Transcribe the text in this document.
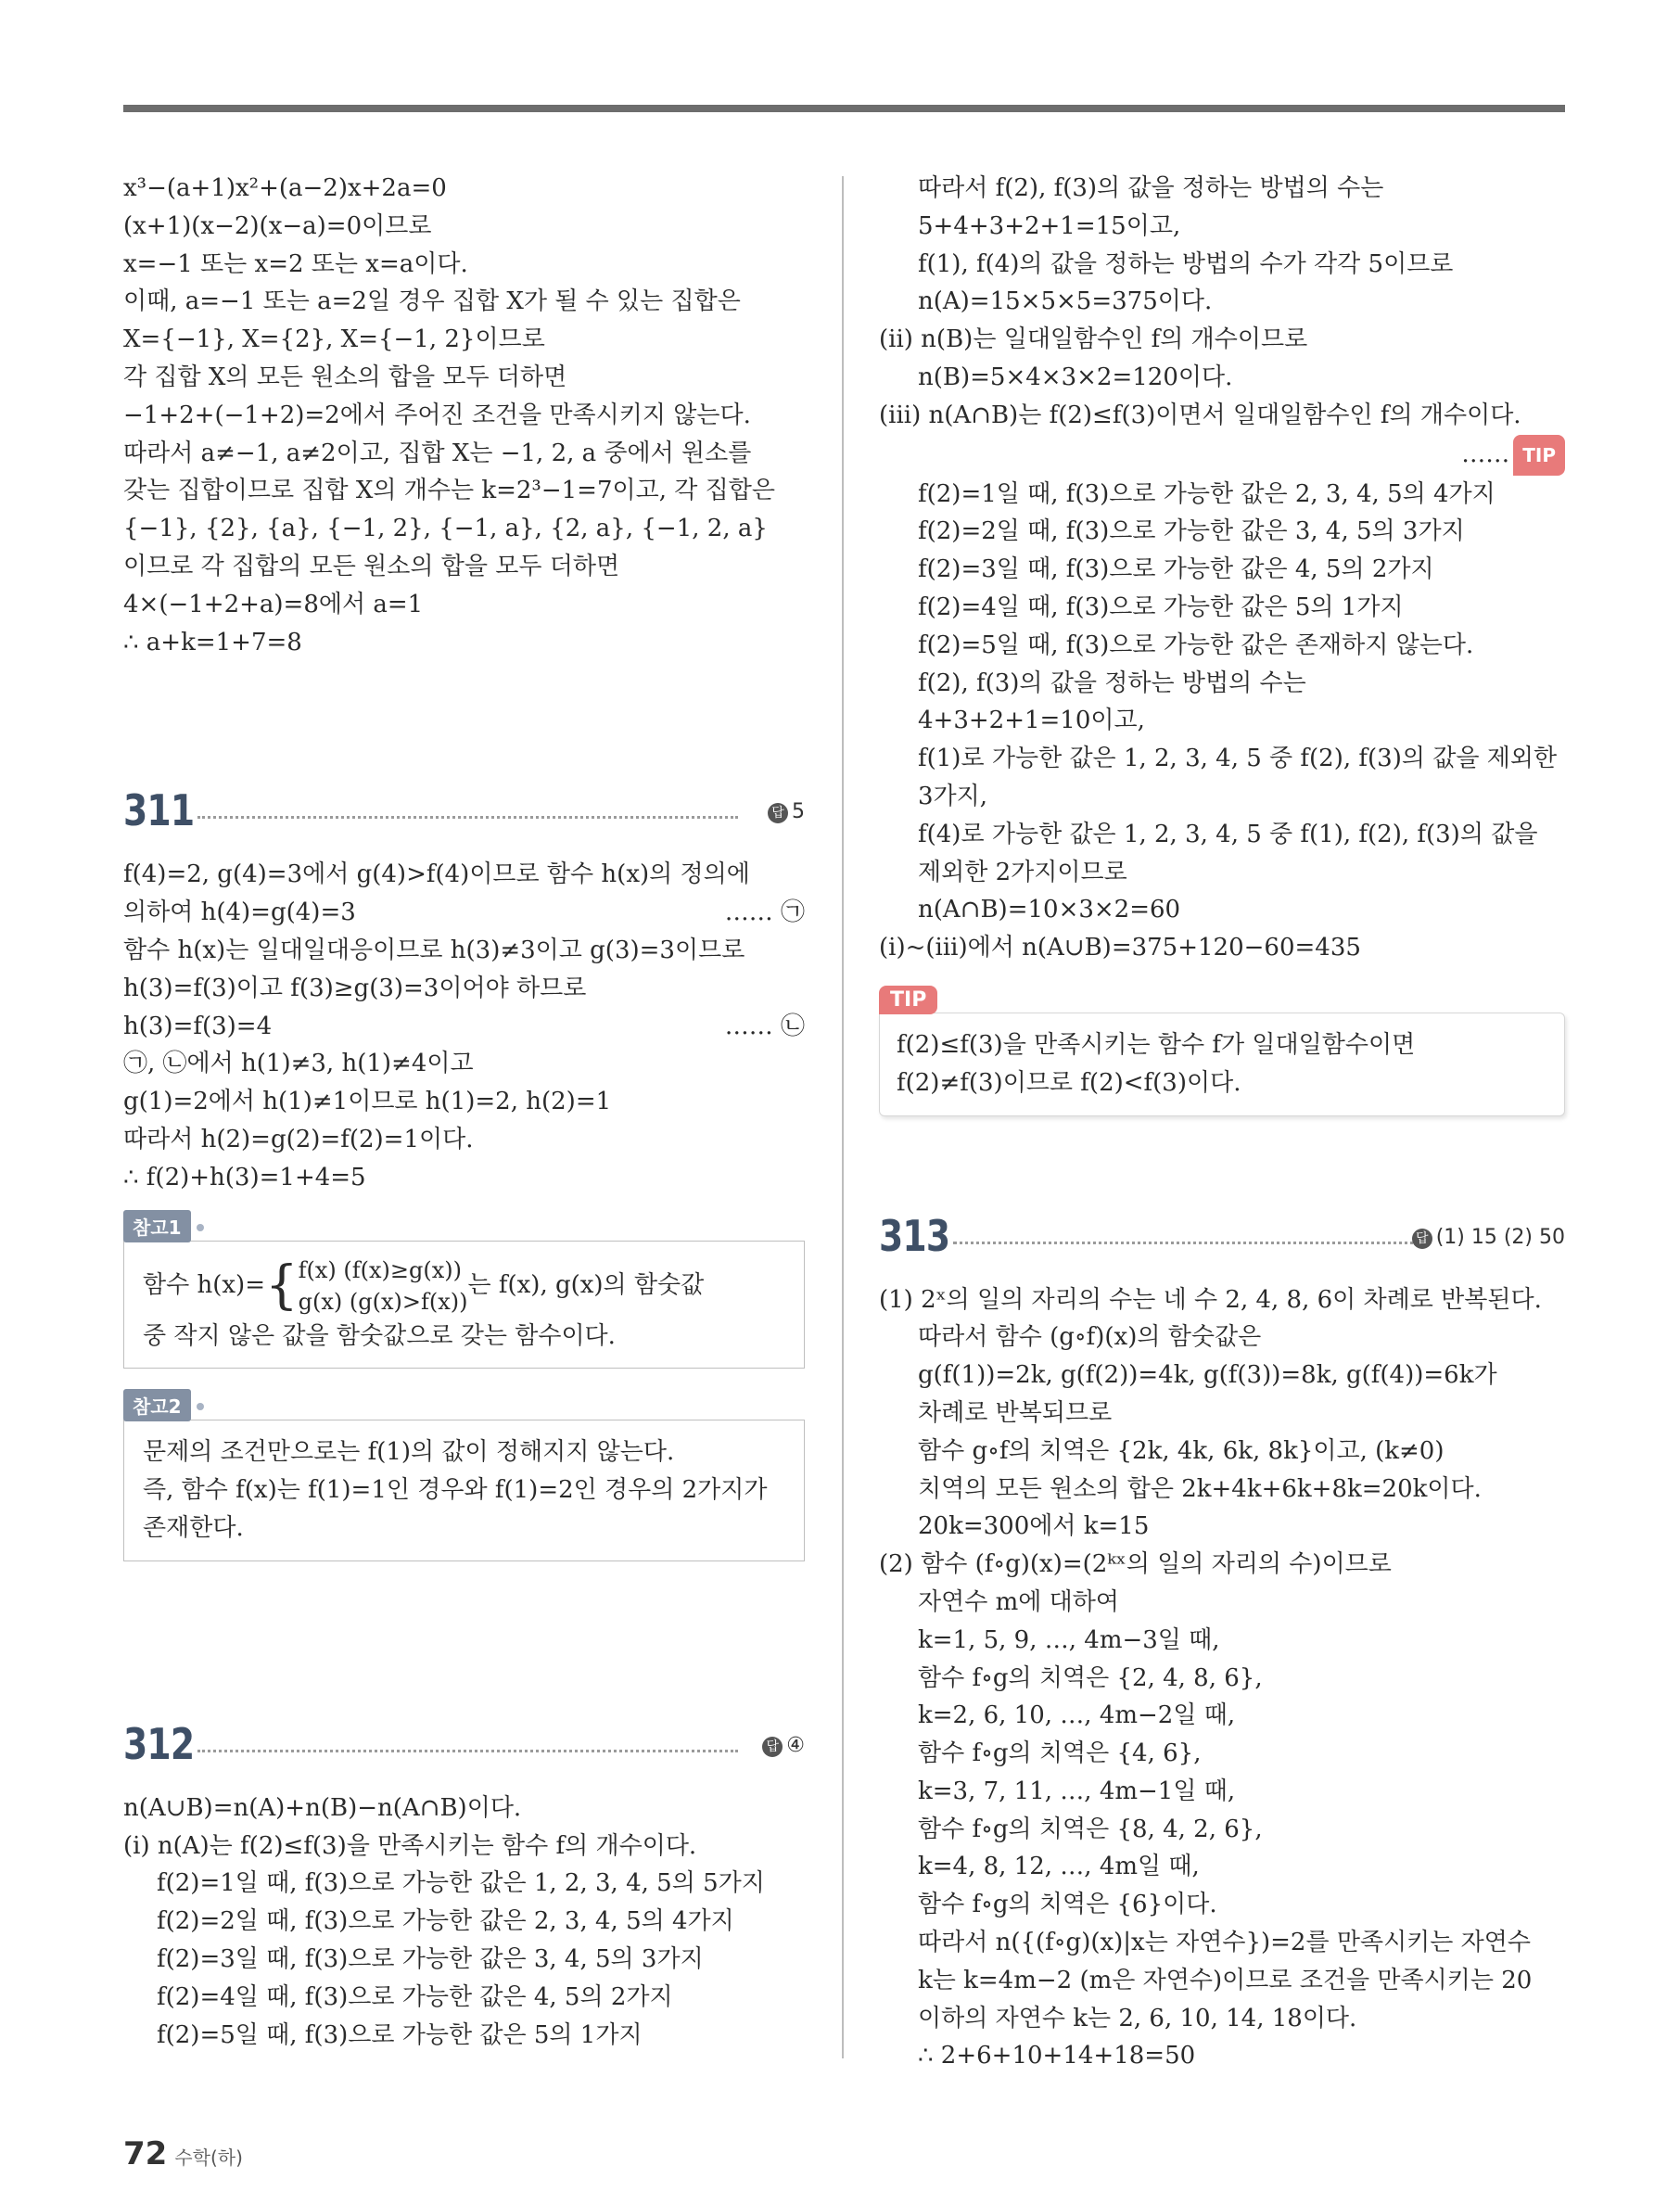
x³−(a+1)x²+(a−2)x+2a=0
(x+1)(x−2)(x−a)=0이므로
x=−1 또는 x=2 또는 x=a이다.
이때, a=−1 또는 a=2일 경우 집합 X가 될 수 있는 집합은
X={−1}, X={2}, X={−1, 2}이므로
각 집합 X의 모든 원소의 합을 모두 더하면
−1+2+(−1+2)=2에서 주어진 조건을 만족시키지 않는다.
따라서 a≠−1, a≠2이고, 집합 X는 −1, 2, a 중에서 원소를
갖는 집합이므로 집합 X의 개수는 k=2³−1=7이고, 각 집합은
{−1}, {2}, {a}, {−1, 2}, {−1, a}, {2, a}, {−1, 2, a}
이므로 각 집합의 모든 원소의 합을 모두 더하면
4×(−1+2+a)=8에서 a=1
∴ a+k=1+7=8
311	답 5
f(4)=2, g(4)=3에서 g(4)>f(4)이므로 함수 h(x)의 정의에
의하여 h(4)=g(4)=3	…… ㉠
함수 h(x)는 일대일대응이므로 h(3)≠3이고 g(3)=3이므로
h(3)=f(3)이고 f(3)≥g(3)=3이어야 하므로
h(3)=f(3)=4	…… ㉡
㉠, ㉡에서 h(1)≠3, h(1)≠4이고
g(1)=2에서 h(1)≠1이므로 h(1)=2, h(2)=1
따라서 h(2)=g(2)=f(2)=1이다.
∴ f(2)+h(3)=1+4=5
참고1
함수 h(x)={f(x) (f(x)≥g(x))
g(x) (g(x)>f(x))는 f(x), g(x)의 함숫값
중 작지 않은 값을 함숫값으로 갖는 함수이다.
참고2
문제의 조건만으로는 f(1)의 값이 정해지지 않는다.
즉, 함수 f(x)는 f(1)=1인 경우와 f(1)=2인 경우의 2가지가
존재한다.
312	답 ④
n(A∪B)=n(A)+n(B)−n(A∩B)이다.
(i) n(A)는 f(2)≤f(3)을 만족시키는 함수 f의 개수이다.
f(2)=1일 때, f(3)으로 가능한 값은 1, 2, 3, 4, 5의 5가지
f(2)=2일 때, f(3)으로 가능한 값은 2, 3, 4, 5의 4가지
f(2)=3일 때, f(3)으로 가능한 값은 3, 4, 5의 3가지
f(2)=4일 때, f(3)으로 가능한 값은 4, 5의 2가지
f(2)=5일 때, f(3)으로 가능한 값은 5의 1가지
따라서 f(2), f(3)의 값을 정하는 방법의 수는
5+4+3+2+1=15이고,
f(1), f(4)의 값을 정하는 방법의 수가 각각 5이므로
n(A)=15×5×5=375이다.
(ii) n(B)는 일대일함수인 f의 개수이므로
n(B)=5×4×3×2=120이다.
(iii) n(A∩B)는 f(2)≤f(3)이면서 일대일함수인 f의 개수이다.
…… TIP
f(2)=1일 때, f(3)으로 가능한 값은 2, 3, 4, 5의 4가지
f(2)=2일 때, f(3)으로 가능한 값은 3, 4, 5의 3가지
f(2)=3일 때, f(3)으로 가능한 값은 4, 5의 2가지
f(2)=4일 때, f(3)으로 가능한 값은 5의 1가지
f(2)=5일 때, f(3)으로 가능한 값은 존재하지 않는다.
f(2), f(3)의 값을 정하는 방법의 수는
4+3+2+1=10이고,
f(1)로 가능한 값은 1, 2, 3, 4, 5 중 f(2), f(3)의 값을 제외한
3가지,
f(4)로 가능한 값은 1, 2, 3, 4, 5 중 f(1), f(2), f(3)의 값을
제외한 2가지이므로
n(A∩B)=10×3×2=60
(i)~(iii)에서 n(A∪B)=375+120−60=435
TIP
f(2)≤f(3)을 만족시키는 함수 f가 일대일함수이면
f(2)≠f(3)이므로 f(2)<f(3)이다.
313	답 (1) 15 (2) 50
(1) 2ˣ의 일의 자리의 수는 네 수 2, 4, 8, 6이 차례로 반복된다.
따라서 함수 (g∘f)(x)의 함숫값은
g(f(1))=2k, g(f(2))=4k, g(f(3))=8k, g(f(4))=6k가
차례로 반복되므로
함수 g∘f의 치역은 {2k, 4k, 6k, 8k}이고, (k≠0)
치역의 모든 원소의 합은 2k+4k+6k+8k=20k이다.
20k=300에서 k=15
(2) 함수 (f∘g)(x)=(2ᵏˣ의 일의 자리의 수)이므로
자연수 m에 대하여
k=1, 5, 9, …, 4m−3일 때,
함수 f∘g의 치역은 {2, 4, 8, 6},
k=2, 6, 10, …, 4m−2일 때,
함수 f∘g의 치역은 {4, 6},
k=3, 7, 11, …, 4m−1일 때,
함수 f∘g의 치역은 {8, 4, 2, 6},
k=4, 8, 12, …, 4m일 때,
함수 f∘g의 치역은 {6}이다.
따라서 n({(f∘g)(x)|x는 자연수})=2를 만족시키는 자연수
k는 k=4m−2 (m은 자연수)이므로 조건을 만족시키는 20
이하의 자연수 k는 2, 6, 10, 14, 18이다.
∴ 2+6+10+14+18=50
72 수학(하)
